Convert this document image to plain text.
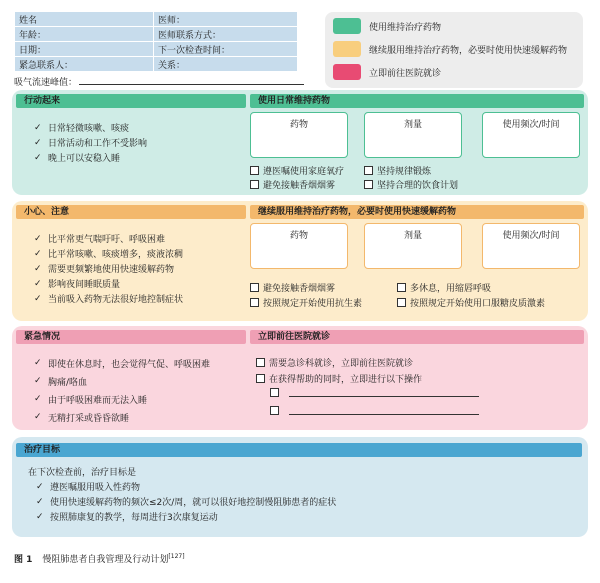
姓名	医师：
年龄：	医师联系方式：
日期：	下一次检查时间：
紧急联系人：	关系：
吸气流速峰值：
使用维持治疗药物
继续服用维持治疗药物，必要时使用快速缓解药物
立即前往医院就诊
行动起来
✓ 日常轻微咳嗽、咳痰
✓ 日常活动和工作不受影响
✓ 晚上可以安稳入睡
使用日常维持药物
药物	剂量	使用频次/时间
遵医嘱使用家庭氧疗	坚持规律锻炼
避免接触香烟烟雾	坚持合理的饮食计划
小心、注意
✓ 比平常更气喘吁吁、呼吸困难
✓ 比平常咳嗽、咳痰增多，痰液浓稠
✓ 需要更频繁地使用快速缓解药物
✓ 影响夜间睡眠质量
✓ 当前吸入药物无法很好地控制症状
继续服用维持治疗药物，必要时使用快速缓解药物
药物	剂量	使用频次/时间
避免接触香烟烟雾	多休息，用缩唇呼吸
按照规定开始使用抗生素	按照规定开始使用口服糖皮质激素
紧急情况
✓ 即使在休息时，也会觉得气促、呼吸困难
✓ 胸痛/咯血
✓ 由于呼吸困难而无法入睡
✓ 无精打采或昏昏欲睡
立即前往医院就诊
需要急诊科就诊，立即前往医院就诊
在获得帮助的同时，立即进行以下操作
治疗目标
在下次检查前，治疗目标是
✓ 遵医嘱服用吸入性药物
✓ 使用快速缓解药物的频次≤2次/周，就可以很好地控制慢阻肺患者的症状
✓ 按照肺康复的教学，每周进行3次康复运动
图 1 慢阻肺患者自我管理及行动计划[127]
